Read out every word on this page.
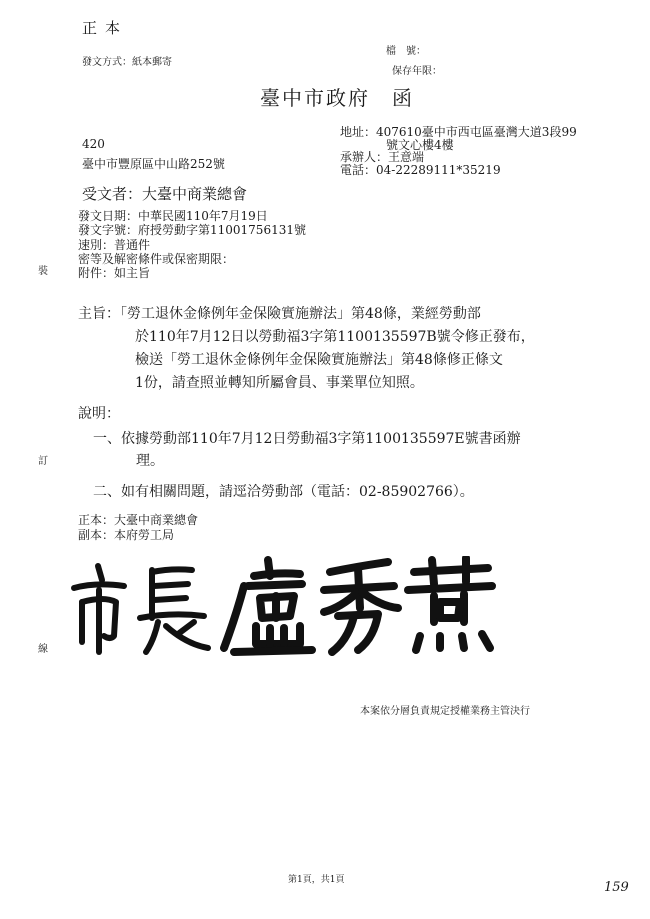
正本
發文方式：紙本郵寄
檔　號：
保存年限：
臺中市政府　函
420
臺中市豐原區中山路252號
地址：407610臺中市西屯區臺灣大道3段99
號文心樓4樓
承辦人：王意端
電話：04-22289111*35219
受文者：大臺中商業總會
發文日期：中華民國110年7月19日
發文字號：府授勞動字第11001756131號
速別：普通件
密等及解密條件或保密期限：
附件：如主旨
主旨：「勞工退休金條例年金保險實施辦法」第48條，業經勞動部
於110年7月12日以勞動福3字第1100135597B號令修正發布，
檢送「勞工退休金條例年金保險實施辦法」第48條修正條文
1份，請查照並轉知所屬會員、事業單位知照。
說明：
一、依據勞動部110年7月12日勞動福3字第1100135597E號書函辦
理。
二、如有相關問題，請逕洽勞動部（電話：02-85902766）。
正本：大臺中商業總會
副本：本府勞工局
裝
訂
線
本案依分層負責規定授權業務主管決行
第1頁，共1頁	159
